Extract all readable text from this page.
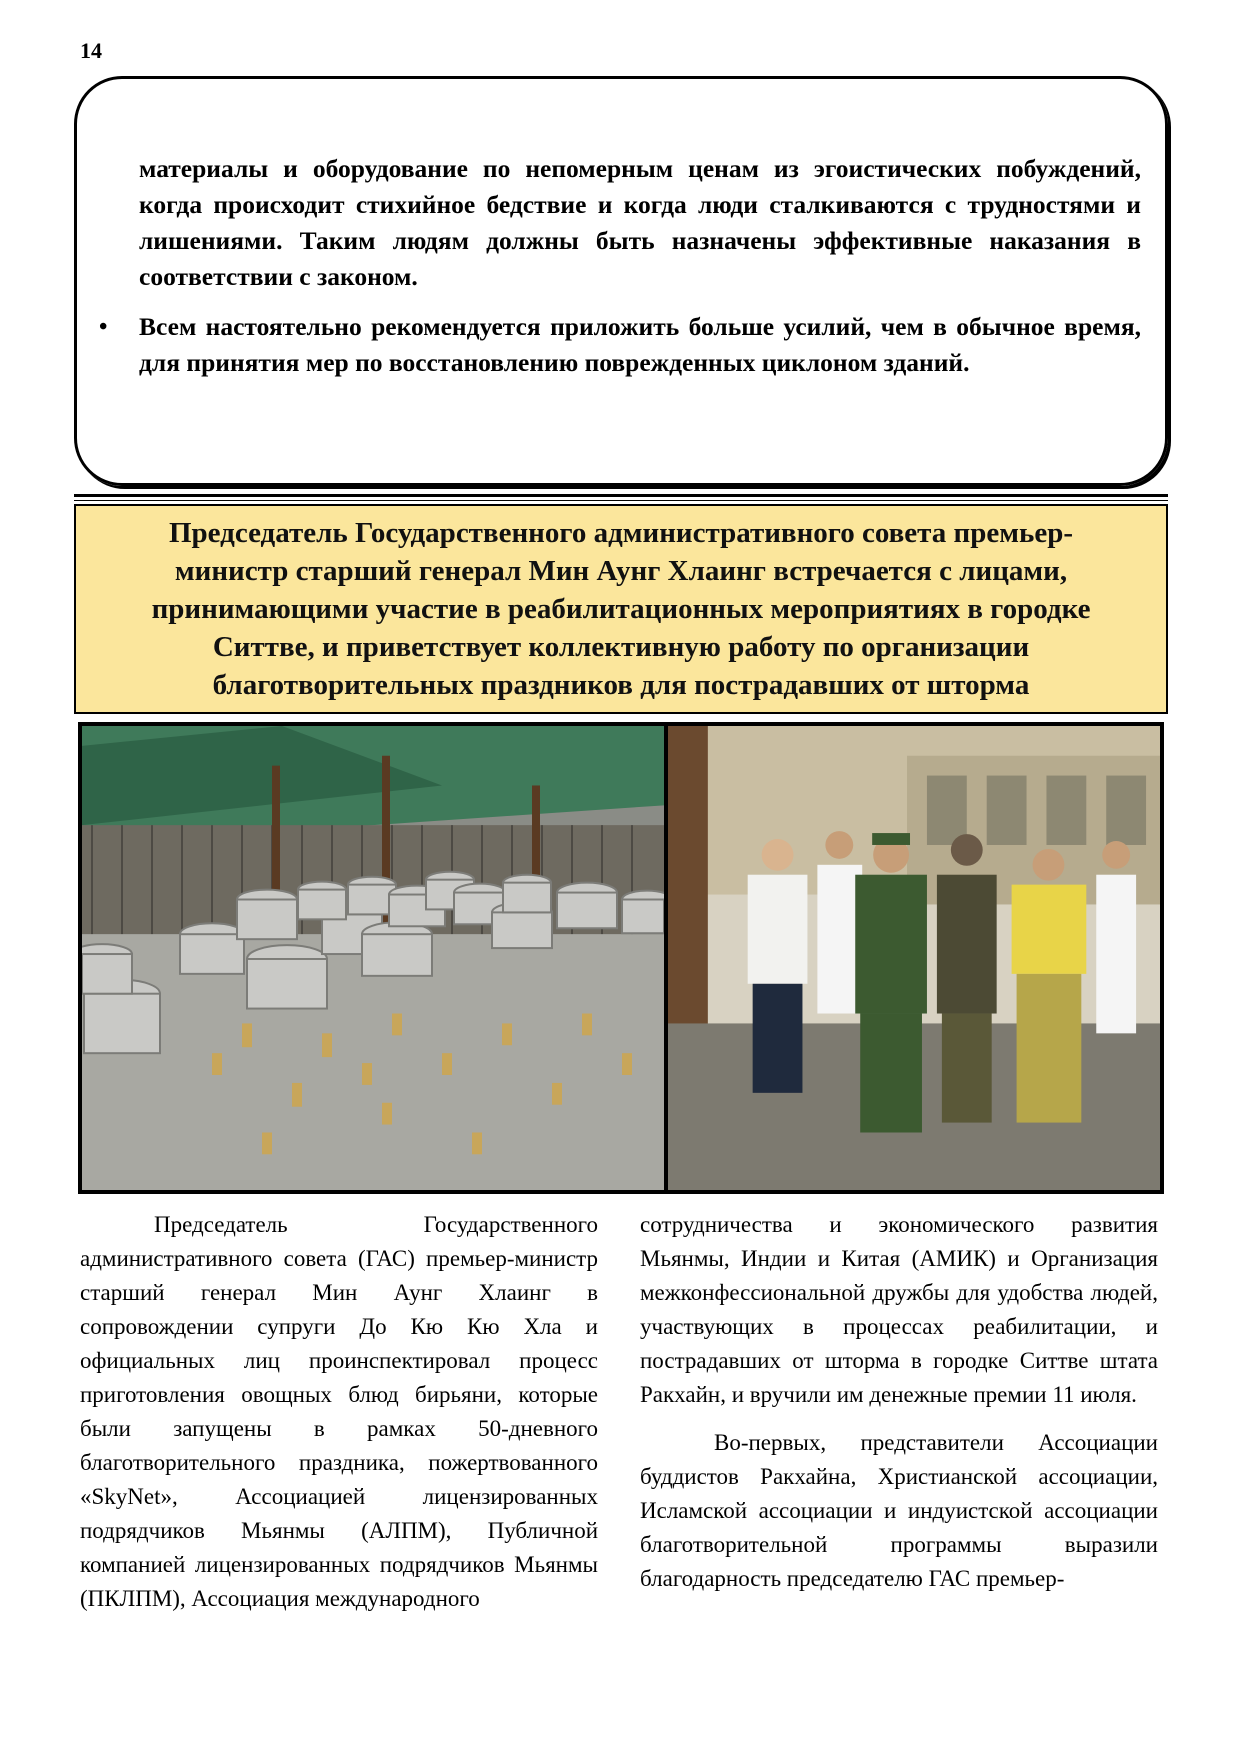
14

материалы и оборудование по непомерным ценам из эгоистических побуждений, когда происходит стихийное бедствие и когда люди сталкиваются с трудностями и лишениями. Таким людям должны быть назначены эффективные наказания в соответствии с законом.

• Всем настоятельно рекомендуется приложить больше усилий, чем в обычное время, для принятия мер по восстановлению поврежденных циклоном зданий.

Председатель Государственного административного совета премьер-министр старший генерал Мин Аунг Хлаинг встречается с лицами, принимающими участие в реабилитационных мероприятиях в городке Ситтве, и приветствует коллективную работу по организации благотворительных праздников для пострадавших от шторма

Председатель Государственного административного совета (ГАС) премьер-министр старший генерал Мин Аунг Хлаинг в сопровождении супруги До Кю Кю Хла и официальных лиц проинспектировал процесс приготовления овощных блюд бирьяни, которые были запущены в рамках 50-дневного благотворительного праздника, пожертвованного «SkyNet», Ассоциацией лицензированных подрядчиков Мьянмы (АЛПМ), Публичной компанией лицензированных подрядчиков Мьянмы (ПКЛПМ), Ассоциация международного

сотрудничества и экономического развития Мьянмы, Индии и Китая (АМИК) и Организация межконфессиональной дружбы для удобства людей, участвующих в процессах реабилитации, и пострадавших от шторма в городке Ситтве штата Ракхайн, и вручили им денежные премии 11 июля.

Во-первых, представители Ассоциации буддистов Ракхайна, Христианской ассоциации, Исламской ассоциации и индуистской ассоциации благотворительной программы выразили благодарность председателю ГАС премьер-
